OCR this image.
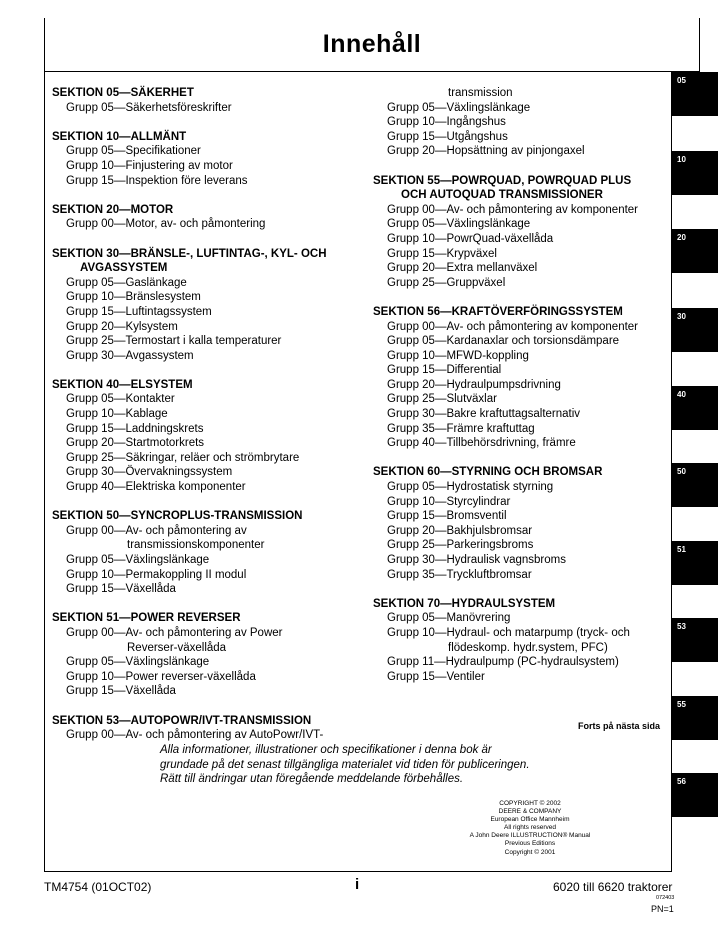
Innehåll
SEKTION 05—SÄKERHET
Grupp 05—Säkerhetsföreskrifter
SEKTION 10—ALLMÄNT
Grupp 05—Specifikationer
Grupp 10—Finjustering av motor
Grupp 15—Inspektion före leverans
SEKTION 20—MOTOR
Grupp 00—Motor, av- och påmontering
SEKTION 30—BRÄNSLE-, LUFTINTAG-, KYL- OCH
AVGASSYSTEM
Grupp 05—Gaslänkage
Grupp 10—Bränslesystem
Grupp 15—Luftintagssystem
Grupp 20—Kylsystem
Grupp 25—Termostart i kalla temperaturer
Grupp 30—Avgassystem
SEKTION 40—ELSYSTEM
Grupp 05—Kontakter
Grupp 10—Kablage
Grupp 15—Laddningskrets
Grupp 20—Startmotorkrets
Grupp 25—Säkringar, reläer och strömbrytare
Grupp 30—Övervakningssystem
Grupp 40—Elektriska komponenter
SEKTION 50—SYNCROPLUS-TRANSMISSION
Grupp 00—Av- och påmontering av
transmissionskomponenter
Grupp 05—Växlingslänkage
Grupp 10—Permakoppling II modul
Grupp 15—Växellåda
SEKTION 51—POWER REVERSER
Grupp 00—Av- och påmontering av Power
Reverser-växellåda
Grupp 05—Växlingslänkage
Grupp 10—Power reverser-växellåda
Grupp 15—Växellåda
SEKTION 53—AUTOPOWR/IVT-TRANSMISSION
Grupp 00—Av- och påmontering av AutoPowr/IVT-
transmission
Grupp 05—Växlingslänkage
Grupp 10—Ingångshus
Grupp 15—Utgångshus
Grupp 20—Hopsättning av pinjongaxel
SEKTION 55—POWRQUAD, POWRQUAD PLUS
OCH AUTOQUAD TRANSMISSIONER
Grupp 00—Av- och påmontering av komponenter
Grupp 05—Växlingslänkage
Grupp 10—PowrQuad-växellåda
Grupp 15—Krypväxel
Grupp 20—Extra mellanväxel
Grupp 25—Gruppväxel
SEKTION 56—KRAFTÖVERFÖRINGSSYSTEM
Grupp 00—Av- och påmontering av komponenter
Grupp 05—Kardanaxlar och torsionsdämpare
Grupp 10—MFWD-koppling
Grupp 15—Differential
Grupp 20—Hydraulpumpsdrivning
Grupp 25—Slutväxlar
Grupp 30—Bakre kraftuttagsalternativ
Grupp 35—Främre kraftuttag
Grupp 40—Tillbehörsdrivning, främre
SEKTION 60—STYRNING OCH BROMSAR
Grupp 05—Hydrostatisk styrning
Grupp 10—Styrcylindrar
Grupp 15—Bromsventil
Grupp 20—Bakhjulsbromsar
Grupp 25—Parkeringsbroms
Grupp 30—Hydraulisk vagnsbroms
Grupp 35—Tryckluftbromsar
SEKTION 70—HYDRAULSYSTEM
Grupp 05—Manövrering
Grupp 10—Hydraul- och matarpump (tryck- och
flödeskomp. hydr.system, PFC)
Grupp 11—Hydraulpump (PC-hydraulsystem)
Grupp 15—Ventiler
Forts på nästa sida
Alla informationer, illustrationer och specifikationer i denna bok är
grundade på det senast tillgängliga materialet vid tiden för publiceringen.
Rätt till ändringar utan föregående meddelande förbehålles.
COPYRIGHT © 2002
DEERE & COMPANY
European Office Mannheim
All rights reserved
A John Deere ILLUSTRUCTION® Manual
Previous Editions
Copyright © 2001
05
10
20
30
40
50
51
53
55
56
TM4754 (01OCT02)	i	6020 till 6620 traktorer
072403
PN=1
